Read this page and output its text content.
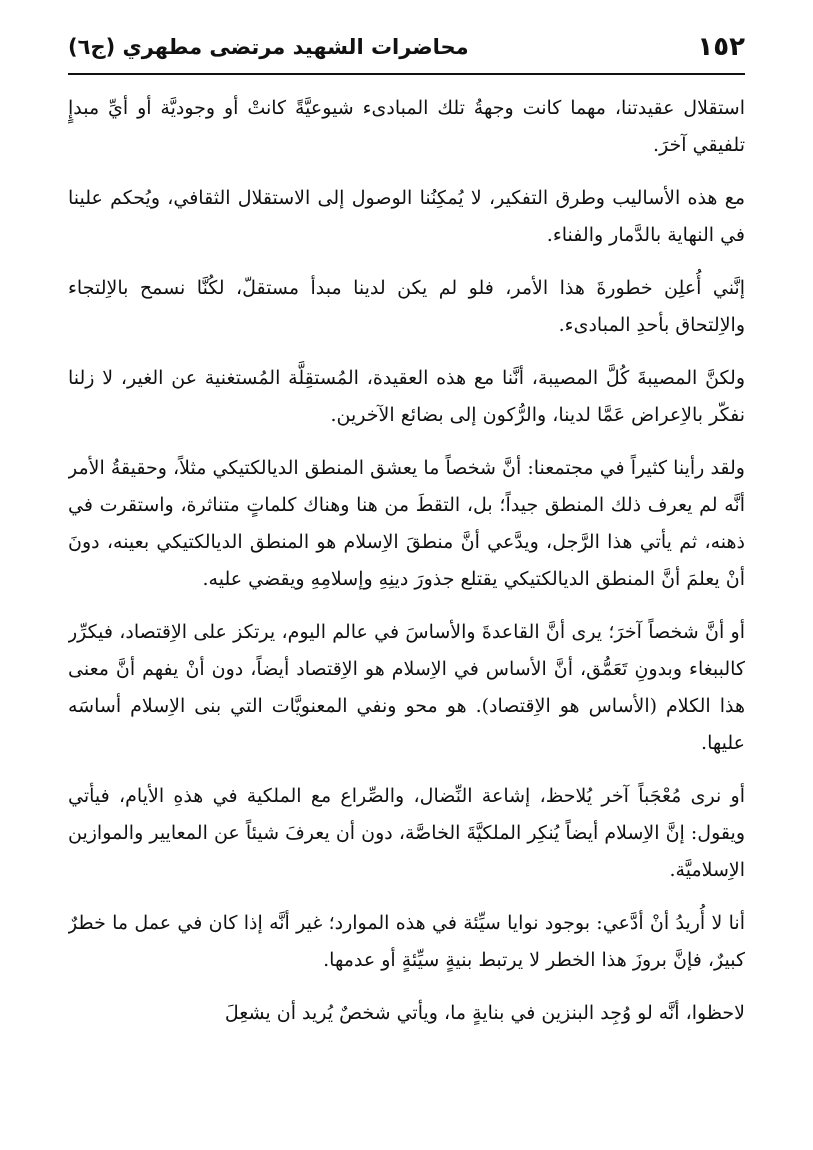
١٥٢
محاضرات الشهيد مرتضى مطهري (ج٦)

استقلال عقيدتنا، مهما كانت وجهةُ تلك المبادىء شيوعيَّةً كانتْ أو وجوديَّة أو أيِّ مبدإٍ تلفيقي آخرَ.

مع هذه الأساليب وطرق التفكير، لا يُمكِنُنا الوصول إلى الاستقلال الثقافي، ويُحكم علينا في النهاية بالدَّمار والفناء.

إنَّني أُعلِن خطورةَ هذا الأمر، فلو لم يكن لدينا مبدأ مستقلّ، لكُنَّا نسمح بالاِلتجاء والاِلتحاق بأحدِ المبادىء.

ولكنَّ المصيبةَ كُلَّ المصيبة، أنَّنا مع هذه العقيدة، المُستقِلَّة المُستغنية عن الغير، لا زلنا نفكّر بالاِعراض عَمَّا لدينا، والرُّكون إلى بضائع الآخرين.

ولقد رأينا كثيراً في مجتمعنا: أنَّ شخصاً ما يعشق المنطق الديالكتيكي مثلاً، وحقيقةُ الأمر أنَّه لم يعرف ذلك المنطق جيداً؛ بل، التقطَ من هنا وهناك كلماتٍ متناثرة، واستقرت في ذهنه، ثم يأتي هذا الرَّجل، ويدَّعي أنَّ منطقَ الاِسلام هو المنطق الديالكتيكي بعينه، دونَ أنْ يعلمَ أنَّ المنطق الديالكتيكي يقتلع جذورَ دينِهِ وإسلامِهِ ويقضي عليه.

أو أنَّ شخصاً آخرَ؛ يرى أنَّ القاعدةَ والأساسَ في عالم اليوم، يرتكز على الاِقتصاد، فيكرِّر كالببغاء وبدونِ تَعَمُّق، أنَّ الأساس في الاِسلام هو الاِقتصاد أيضاً، دون أنْ يفهم أنَّ معنى هذا الكلام (الأساس هو الاِقتصاد). هو محو ونفي المعنويَّات التي بنى الاِسلام أساسَه عليها.

أو نرى مُعْجَباً آخر يُلاحظ، إشاعة النِّضال، والصِّراع مع الملكية في هذهِ الأيام، فيأتي ويقول: إنَّ الاِسلام أيضاً يُنكِر الملكيَّةَ الخاصَّة، دون أن يعرفَ شيئاً عن المعايير والموازين الاِسلاميَّة.

أنا لا أُريدُ أنْ أدَّعي: بوجود نوايا سيِّئة في هذه الموارد؛ غير أنَّه إذا كان في عمل ما خطرٌ كبيرٌ، فإنَّ بروزَ هذا الخطر لا يرتبط بنيةٍ سيِّئةٍ أو عدمها.

لاحظوا، أنَّه لو وُجِد البنزين في بنايةٍ ما، ويأتي شخصٌ يُريد أن يشعِلَ
